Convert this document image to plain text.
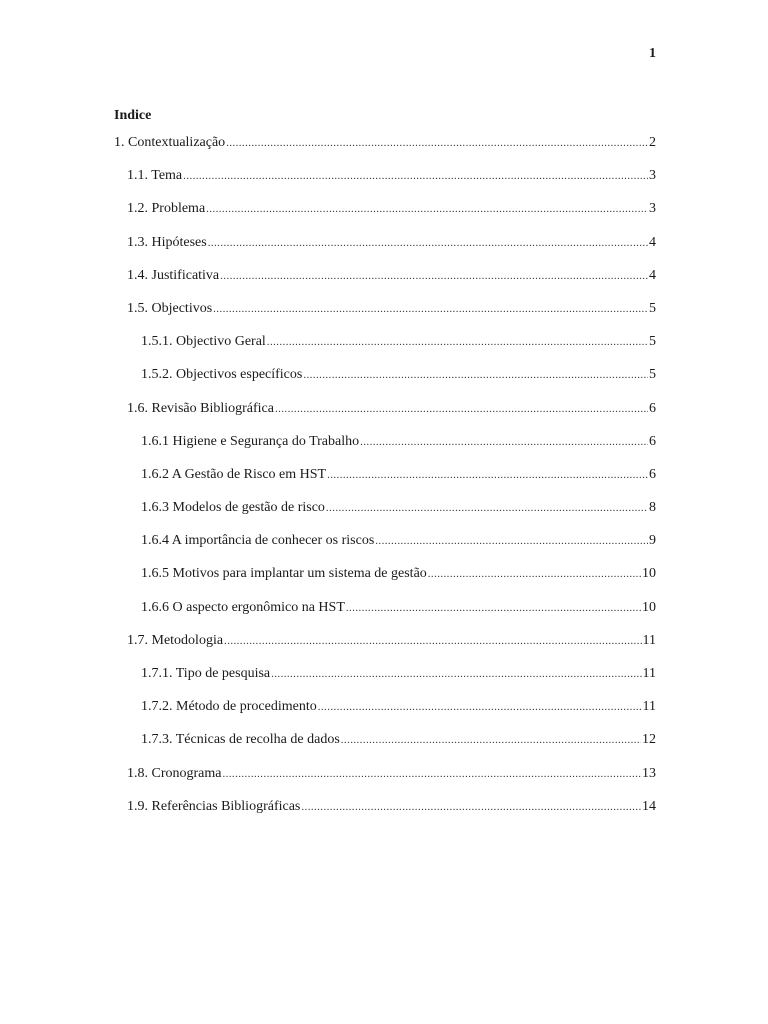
1
Indice
1. Contextualização .....	2
1.1. Tema .....	3
1.2. Problema .....	3
1.3. Hipóteses .....	4
1.4. Justificativa .....	4
1.5. Objectivos .....	5
1.5.1. Objectivo Geral .....	5
1.5.2. Objectivos específicos .....	5
1.6. Revisão Bibliográfica .....	6
1.6.1 Higiene e Segurança do Trabalho .....	6
1.6.2 A Gestão de Risco em HST .....	6
1.6.3 Modelos de gestão de risco .....	8
1.6.4 A importância de conhecer os riscos .....	9
1.6.5 Motivos para implantar um sistema de gestão .....	10
1.6.6 O aspecto ergonômico na HST .....	10
1.7. Metodologia .....	11
1.7.1. Tipo de pesquisa .....	11
1.7.2. Método de procedimento .....	11
1.7.3. Técnicas de recolha de dados .....	12
1.8. Cronograma .....	13
1.9. Referências Bibliográficas .....	14
